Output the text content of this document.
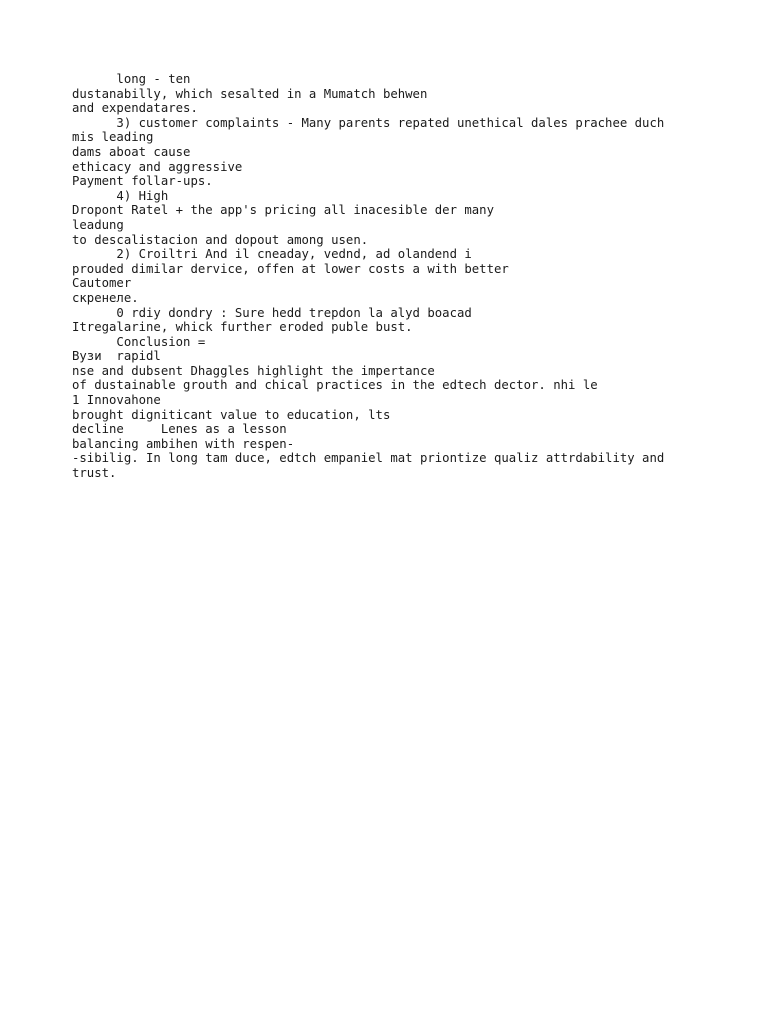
long - ten
dustanabilly, which sesalted in a Mumatch behwen
and expendatares.
3) customer complaints - Many parents repated unethical dales prachee duch
mis leading
dams aboat cause
ethicacy and aggressive
Payment follar-ups.
4) High
Dropont Ratel + the app's pricing all inacesible der many
leadung
to descalistacion and dopout among usen.
2) Croiltri And il cneaday, vednd, ad olandend i
prouded dimilar dervice, offen at lower costs a with better
Cautomer
скренеле.
0 rdiy dondry : Sure hedd trepdon la alyd boacad
Itregalarine, whick further eroded puble bust.
Conclusion =
Вузи  rapidl
nse and dubsent Dhaggles highlight the impertance
of dustainable grouth and chical practices in the edtech dector. nhi le
1 Innovahone
brought digniticant value to education, lts
decline     Lenes as a lesson
balancing ambihen with respen-
-sibilig. In long tam duce, edtch empaniel mat priontize qualiz attrdability and
trust.
